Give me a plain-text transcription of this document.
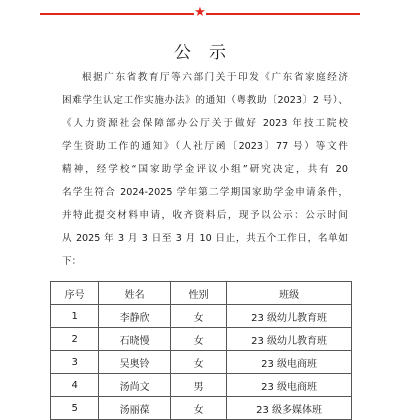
★
公示
根据广东省教育厅等六部门关于印发《广东省家庭经济
困难学生认定工作实施办法》的通知（粤教助〔2023〕2 号）、
《人力资源社会保障部办公厅关于做好 2023 年技工院校
学生资助工作的通知》（人社厅函〔2023〕77 号）等文件
精神，经学校“国家助学金评议小组”研究决定，共有 20
名学生符合 2024-2025 学年第二学期国家助学金申请条件，
并特此提交材料申请，收齐资料后，现予以公示：公示时间
从 2025 年 3 月 3 日至 3 月 10 日止，共五个工作日，名单如
下：
序号	姓名	性别	班级
1	李静欣	女	23 级幼儿教育班
2	石晓慢	女	23 级幼儿教育班
3	吴奥铃	女	23 级电商班
4	汤尚文	男	23 级电商班
5	汤丽葆	女	23 级多媒体班
